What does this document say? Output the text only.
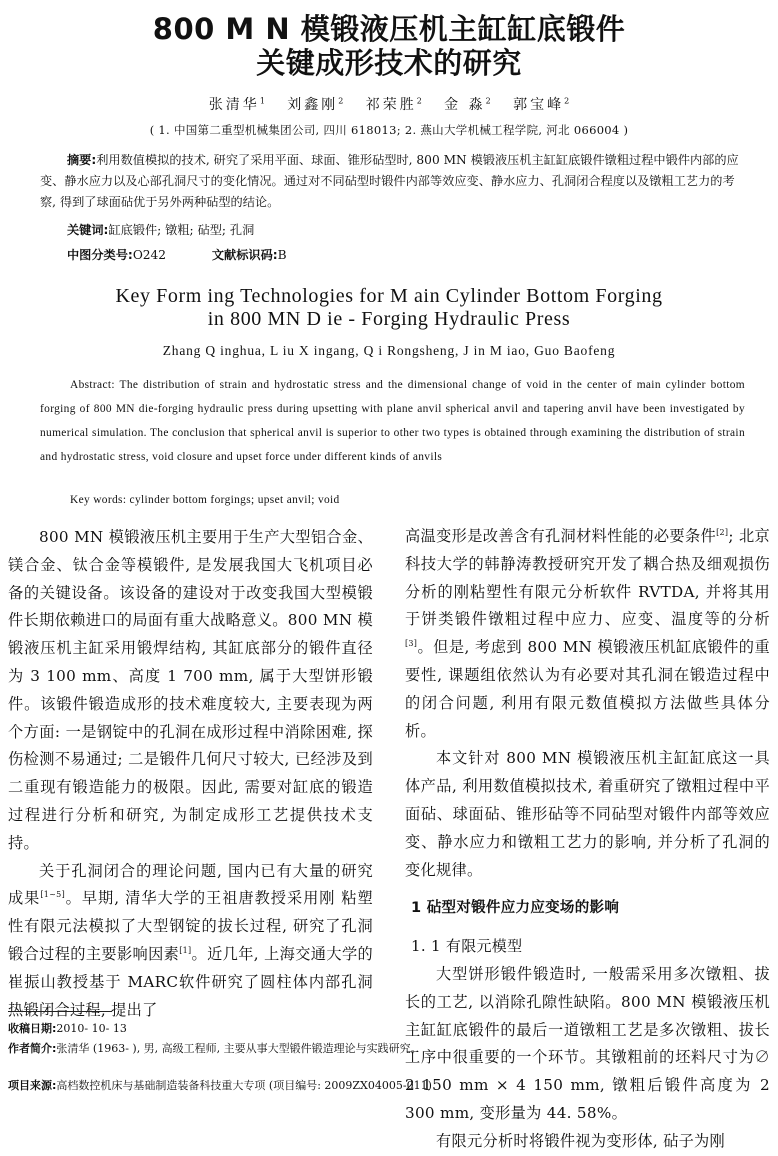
800 M N 模锻液压机主缸缸底锻件
关键成形技术的研究
张清华$^1$ 刘鑫刚$^2$ 祁荣胜$^2$ 金 淼$^2$ 郭宝峰$^2$
( 1. 中国第二重型机械集团公司, 四川 618013; 2. 燕山大学机械工程学院, 河北 066004 )
摘要:利用数值模拟的技术, 研究了采用平面、球面、锥形砧型时, 800 MN 模锻液压机主缸缸底锻件镦粗过程中锻件内部的应变、静水应力以及心部孔洞尺寸的变化情况。通过对不同砧型时锻件内部等效应变、静水应力、孔洞闭合程度以及镦粗工艺力的考察, 得到了球面砧优于另外两种砧型的结论。
关键词:缸底锻件; 镦粗; 砧型; 孔洞
中图分类号:O242	文献标识码:B
Key Form ing Technologies for M ain Cylinder Bottom Forging
in 800 MN D ie - Forging Hydraulic Press
Zhang Q inghua, L iu X ingang, Q i Rongsheng, J in M iao, Guo Baofeng
Abstract: The distribution of strain and hydrostatic stress and the dimensional change of void in the center of main cylinder bottom forging of 800 MN die-forging hydraulic press during upsetting with plane anvil spherical anvil and tapering anvil have been investigated by numerical simulation. The conclusion that spherical anvil is superior to other two types is obtained through examining the distribution of strain and hydrostatic stress, void closure and upset force under different kinds of anvils
Key words: cylinder bottom forgings; upset anvil; void

800 MN 模锻液压机主要用于生产大型铝合金、镁合金、钛合金等模锻件, 是发展我国大飞机项目必备的关键设备。该设备的建设对于改变我国大型模锻件长期依赖进口的局面有重大战略意义。800 MN 模锻液压机主缸采用锻焊结构, 其缸底部分的锻件直径为 3 100 mm、高度 1 700 mm, 属于大型饼形锻件。该锻件锻造成形的技术难度较大, 主要表现为两个方面: 一是钢锭中的孔洞在成形过程中消除困难, 探伤检测不易通过; 二是锻件几何尺寸较大, 已经涉及到二重现有锻造能力的极限。因此, 需要对缸底的锻造过程进行分析和研究, 为制定成形工艺提供技术支持。

关于孔洞闭合的理论问题, 国内已有大量的研究成果[1~5]。早期, 清华大学的王祖唐教授采用刚 粘塑性有限元法模拟了大型钢锭的拔长过程, 研究了孔洞锻合过程的主要影响因素[1]。近几年, 上海交通大学的崔振山教授基于 MARC软件研究了圆柱体内部孔洞热锻闭合过程, 提出了

高温变形是改善含有孔洞材料性能的必要条件[2]; 北京科技大学的韩静涛教授研究开发了耦合热及细观损伤分析的刚粘塑性有限元分析软件 RVTDA, 并将其用于饼类锻件镦粗过程中应力、应变、温度等的分析[3]。但是, 考虑到 800 MN 模锻液压机缸底锻件的重要性, 课题组依然认为有必要对其孔洞在锻造过程中的闭合问题, 利用有限元数值模拟方法做些具体分析。

本文针对 800 MN 模锻液压机主缸缸底这一具体产品, 利用数值模拟技术, 着重研究了镦粗过程中平面砧、球面砧、锥形砧等不同砧型对锻件内部等效应变、静水应力和镦粗工艺力的影响, 并分析了孔洞的变化规律。

1 砧型对锻件应力应变场的影响
1. 1 有限元模型

大型饼形锻件锻造时, 一般需采用多次镦粗、拔长的工艺, 以消除孔隙性缺陷。800 MN 模锻液压机主缸缸底锻件的最后一道镦粗工艺是多次镦粗、拔长工序中很重要的一个环节。其镦粗前的坯料尺寸为∅ 2 150 mm × 4 150 mm, 镦粗后锻件高度为 2 300 mm, 变形量为 44. 58%。

有限元分析时将锻件视为变形体, 砧子为刚

收稿日期:2010- 10- 13
作者简介:张清华 (1963- ), 男, 高级工程师, 主要从事大型锻件锻造理论与实践研究。
项目来源:高档数控机床与基础制造装备科技重大专项 (项目编号: 2009ZX04005-011)
